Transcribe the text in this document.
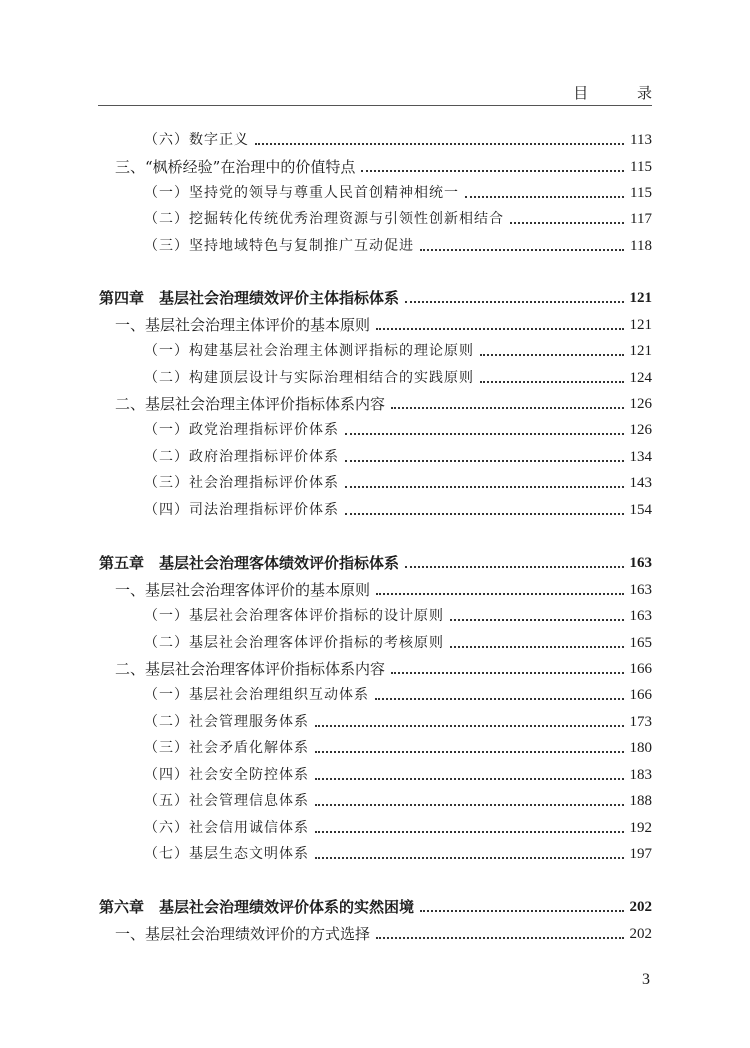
目 录
（六）数字正义	113
三、“枫桥经验”在治理中的价值特点	115
（一）坚持党的领导与尊重人民首创精神相统一	115
（二）挖掘转化传统优秀治理资源与引领性创新相结合	117
（三）坚持地域特色与复制推广互动促进	118
第四章　基层社会治理绩效评价主体指标体系	121
一、基层社会治理主体评价的基本原则	121
（一）构建基层社会治理主体测评指标的理论原则	121
（二）构建顶层设计与实际治理相结合的实践原则	124
二、基层社会治理主体评价指标体系内容	126
（一）政党治理指标评价体系	126
（二）政府治理指标评价体系	134
（三）社会治理指标评价体系	143
（四）司法治理指标评价体系	154
第五章　基层社会治理客体绩效评价指标体系	163
一、基层社会治理客体评价的基本原则	163
（一）基层社会治理客体评价指标的设计原则	163
（二）基层社会治理客体评价指标的考核原则	165
二、基层社会治理客体评价指标体系内容	166
（一）基层社会治理组织互动体系	166
（二）社会管理服务体系	173
（三）社会矛盾化解体系	180
（四）社会安全防控体系	183
（五）社会管理信息体系	188
（六）社会信用诚信体系	192
（七）基层生态文明体系	197
第六章　基层社会治理绩效评价体系的实然困境	202
一、基层社会治理绩效评价的方式选择	202
3
